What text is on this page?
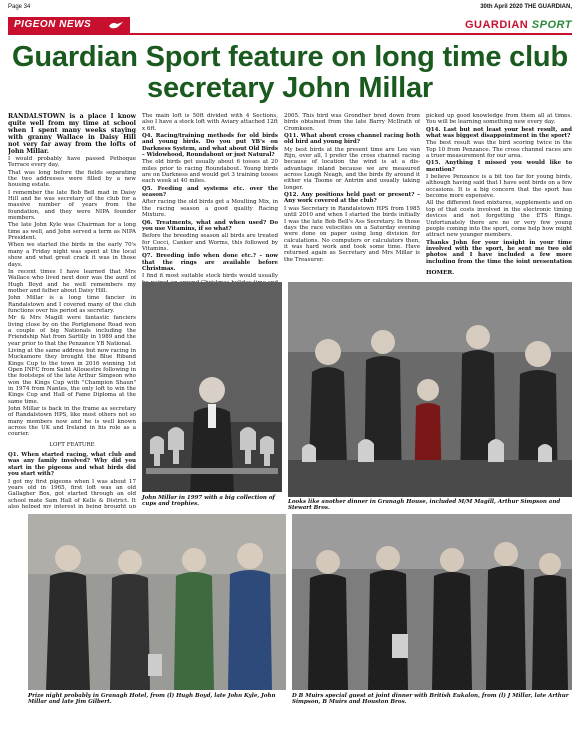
Page 34	30th April 2020 THE GUARDIAN,
PIGEON NEWS	GUARDIAN SPORT
Guardian Sport feature on long time club secretary John Millar

RANDALSTOWN is a place I know quite well from my time at school when I spent many weeks staying with granny Wallace in Daisy Hill not very far away from the lofts of John Millar.

I would probably have passed Pethoque Terrace every day.

That was long before the fields separating the two addresses were filled by a new housing estate.

I remember the late Bob Bell mad in Daisy Hill and he was secretary of the club for a massive number of years from the foundation, and they were NIPA founder members.

The late John Kyle was Chairman for a long time as well, and John served a term as NIPA President.

When we started the birds in the early 70's many a Friday night was spent at the local show and what great crack it was in those days.

In recent times I have learned that Mrs Wallace who lived next door was the aunt of Hugh Boyd and he well remembers my mother and father about Daisy Hill.

John Millar is a long time fancier in Randalstown and I covered many of the club functions over his period as secretary.

Mr & Mrs Magill were fantastic fanciers living close by on the Portglenone Road won a couple of big Nationals including the Friendship Nat from Sartilly in 1989 and the year prior to that the Penzance YB National.

Living at the same address but now racing in Muckamore they brought the Blue Riband Kings Cup to the town in 2016 winning 1st Open INFC from Saint Allouestre following in the footsteps of the late Arthur Simpson who won the Kings Cup with "Champion Shaun" in 1974 from Nantes, the only loft to win the Kings Cup and Hall of Fame Diploma at the same time.

John Millar is back in the frame as secretary of Randalstown HPS, like most others not so many members now and he is well known across the UK and Ireland in his role as a courier.

LOFT FEATURE

Q1. When started racing, what club and was any family involved? Why did you start in the pigeons and what birds did you start with?

I got my first pigeons when I was about 17 years old in 1965, first loft was an old Gallagher Box, got started through an old school mate Sam Hall of Kells & District. It also helped my interest in being brought up

The main loft is 50ft divided with 4 Sections, also I have a stock loft with Aviary attached 12ft x 6ft.

Q4. Racing/training methods for old birds and young birds. Do you put YB's on Darkness System, and what about Old Birds – Widowhood, Roundabout or just Natural?

The old birds get usually about 6 tosses at 20 miles prior to racing Roundabout. Young birds are on Darkness and would get 3 training tosses each week at 40 miles.

Q5. Feeding and systems etc. over the season?

After racing the old birds get a Moulting Mix, in the racing season a good quality Racing Mixture.

Q6. Treatments, what and when used? Do you use Vitamins, if so what?

Before the breeding season all birds are treated for Cocci, Canker and Worms, this followed by Vitamins.

Q7. Breeding info when done etc.? – now that the rings are available before Christmas.

I find it most suitable stock birds would usually

2005. This bird was Grondher bred down from birds obtained from the late Barry McIlrath of Cromkeen.

Q11. What about cross channel racing both old bird and young bird?

My best birds at the present time are Leo van Rijn, over all, I prefer the cross channel racing because of location the wind is at a dis-advantage inland because we are measured across Lough Neagh, and the birds fly around it either via Toome or Antrim and usually taking longer.

Q12. Any positions held past or present? – Any work covered at the club?

I was Secretary in Randalstown HPS from 1985 until 2010 and when I started the birds initially I was the late Bob Bell's Ass Secretary. In those days the race velocities on a Saturday evening were done on paper using long division for calculations. No computers or calculators then, it was hard work and took some time. Have returned again as Secretary and Mrs Millar is the Treasurer.

picked up good knowledge from them all at times. You will be learning something new every day.

Q14. Last but not least your best result, and what was biggest disappointment in the sport?

The best result was the bird scoring twice in the Top 10 from Penzance. The cross channel races are a truer measurement for our area.

Q15. Anything I missed you would like to mention?

I believe Penzance is a bit too far for young birds, although having said that I have sent birds on a few occasions. It is a big concern that the sport has become more expensive.

All the different feed mixtures, supplements and on top of that costs involved in the electronic timing devices and not forgetting the ETS Rings. Unfortunately there are no or very few young people coming into the sport, come help how might attract new younger members.

Thanks John for your insight in your time involved with the sport, he sent me two old photos and I have included a few more including from the time the joint presentation

HOMER.
John Millar in 1997 with a big collection of cups and trophies.	Looks like another dinner in Granagh House, included M/M Magill, Arthur Simpson and Stewart Bros.
Prize night probably in Granagh Hotel, from (l) Hugh Boyd, late John Kyle, John Millar and late Jim Gilbert.
D B Muirs special guest at joint dinner with British Eukalon, from (l) J Millar, late Arthur Simpson, B Muirs and Houston Bros.
